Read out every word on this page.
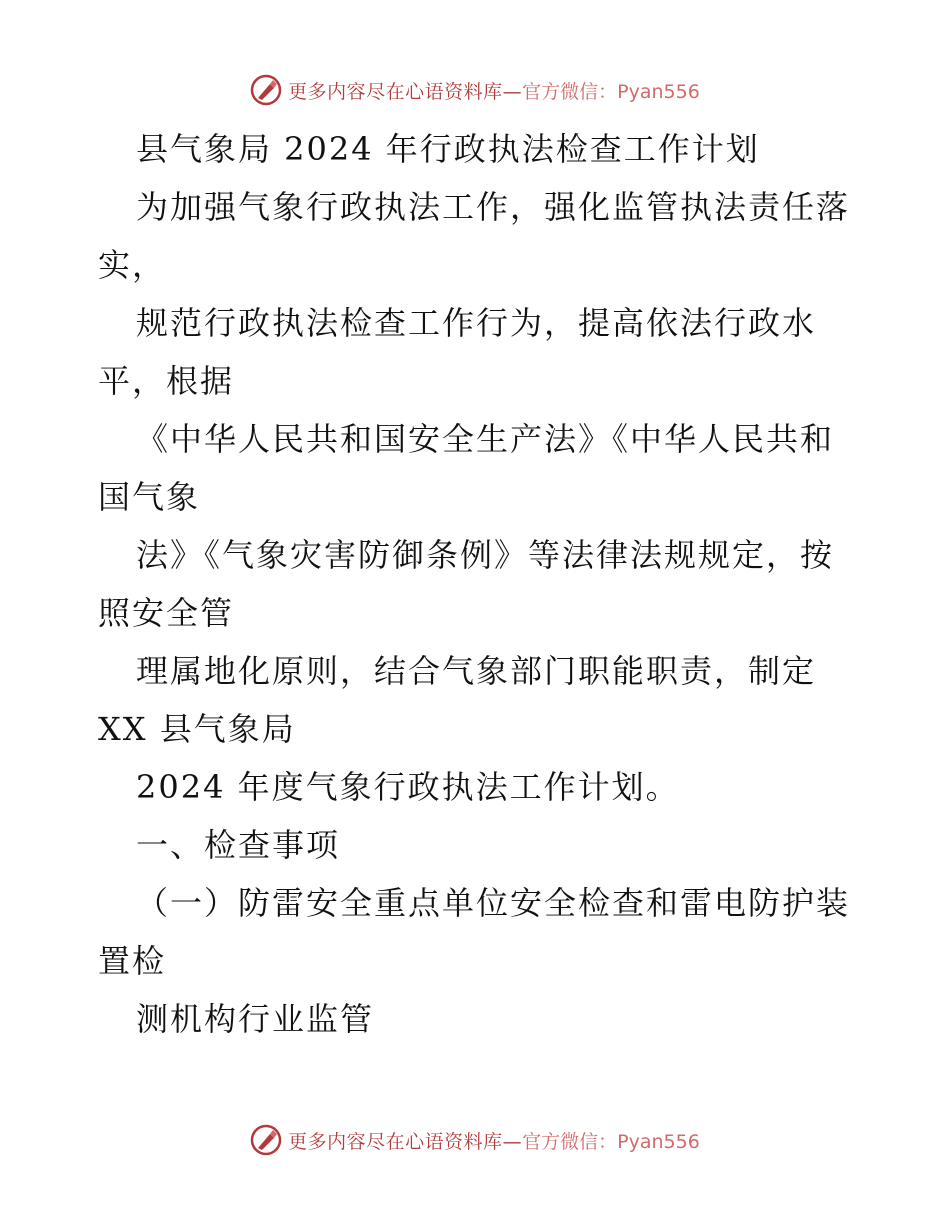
更多内容尽在心语资料库— 官方微信：Pyan556
县气象局 2024 年行政执法检查工作计划
为加强气象行政执法工作，强化监管执法责任落
实，
规范行政执法检查工作行为，提高依法行政水
平，根据
《中华人民共和国安全生产法》《中华人民共和
国气象
法》《气象灾害防御条例》等法律法规规定，按
照安全管
理属地化原则，结合气象部门职能职责，制定
XX 县气象局
2024 年度气象行政执法工作计划。
一、检查事项
（一）防雷安全重点单位安全检查和雷电防护装
置检
测机构行业监管
更多内容尽在心语资料库— 官方微信：Pyan556
